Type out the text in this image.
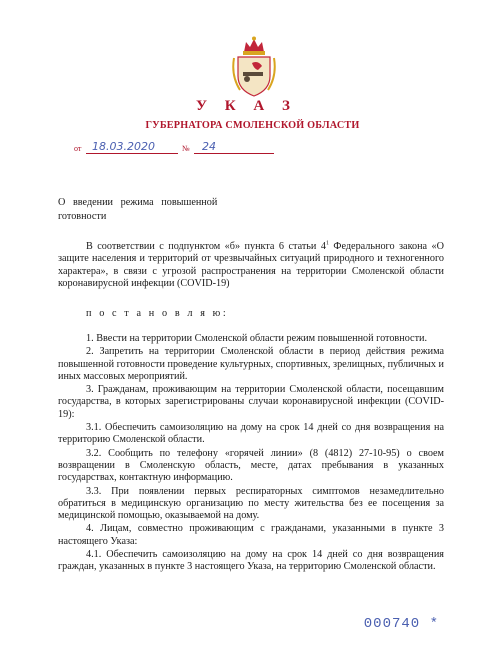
У К А З
ГУБЕРНАТОРА СМОЛЕНСКОЙ ОБЛАСТИ
от 18.03.2020	№ 24
О   введении   режима   повышенной
готовности

В соответствии с подпунктом «б» пункта 6 статьи $4^1$ Федерального закона «О защите населения и территорий от чрезвычайных ситуаций природного и техногенного характера», в связи с угрозой распространения на территории Смоленской области коронавирусной инфекции (COVID-19)

п о с т а н о в л я ю:

1. Ввести на территории Смоленской области режим повышенной готовности.

2. Запретить на территории Смоленской области в период действия режима повышенной готовности проведение культурных, спортивных, зрелищных, публичных и иных массовых мероприятий.

3. Гражданам, проживающим на территории Смоленской области, посещавшим государства, в которых зарегистрированы случаи коронавирусной инфекции (COVID-19):

3.1. Обеспечить самоизоляцию на дому на срок 14 дней со дня возвращения на территорию Смоленской области.

3.2. Сообщить по телефону «горячей линии» (8 (4812) 27-10-95) о своем возвращении в Смоленскую область, месте, датах пребывания в указанных государствах, контактную информацию.

3.3. При появлении первых респираторных симптомов незамедлительно обратиться в медицинскую организацию по месту жительства без ее посещения за медицинской помощью, оказываемой на дому.

4. Лицам, совместно проживающим с гражданами, указанными в пункте 3 настоящего Указа:

4.1. Обеспечить самоизоляцию на дому на срок 14 дней со дня возвращения граждан, указанных в пункте 3 настоящего Указа, на территорию Смоленской области.

000740 *
